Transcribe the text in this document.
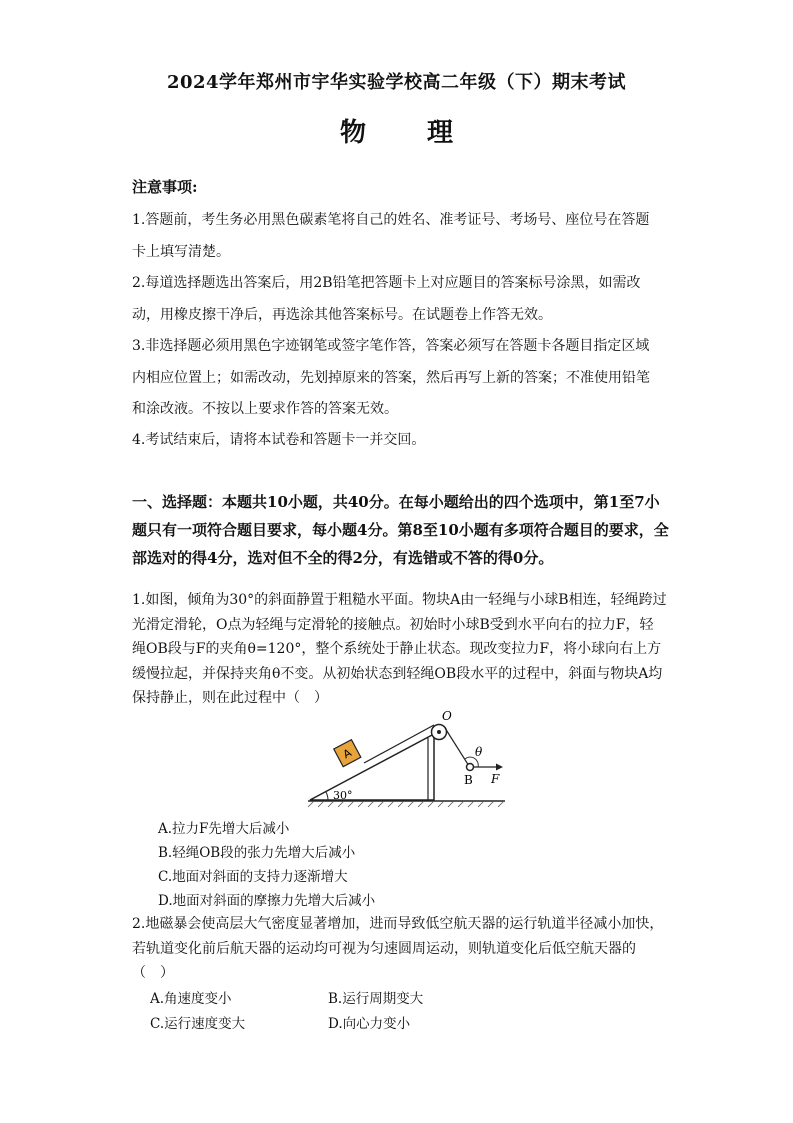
2024学年郑州市宇华实验学校高二年级（下）期末考试
物 理
注意事项:
1.答题前，考生务必用黑色碳素笔将自己的姓名、准考证号、考场号、座位号在答题卡上填写清楚。
2.每道选择题选出答案后，用2B铅笔把答题卡上对应题目的答案标号涂黑，如需改动，用橡皮擦干净后，再选涂其他答案标号。在试题卷上作答无效。
3.非选择题必须用黑色字迹钢笔或签字笔作答，答案必须写在答题卡各题目指定区域内相应位置上；如需改动，先划掉原来的答案，然后再写上新的答案；不准使用铅笔和涂改液。不按以上要求作答的答案无效。
4.考试结束后，请将本试卷和答题卡一并交回。
一、选择题：本题共10小题，共40分。在每小题给出的四个选项中，第1至7小题只有一项符合题目要求，每小题4分。第8至10小题有多项符合题目的要求，全部选对的得4分，选对但不全的得2分，有选错或不答的得0分。
1.如图，倾角为30°的斜面静置于粗糙水平面。物块A由一轻绳与小球B相连，轻绳跨过光滑定滑轮，O点为轻绳与定滑轮的接触点。初始时小球B受到水平向右的拉力F，轻绳OB段与F的夹角θ=120°，整个系统处于静止状态。现改变拉力F，将小球向右上方缓慢拉起，并保持夹角θ不变。从初始状态到轻绳OB段水平的过程中，斜面与物块A均保持静止，则在此过程中（　）
30°
O
A
B F
θ
A.拉力F先增大后减小
B.轻绳OB段的张力先增大后减小
C.地面对斜面的支持力逐渐增大
D.地面对斜面的摩擦力先增大后减小
2.地磁暴会使高层大气密度显著增加，进而导致低空航天器的运行轨道半径减小加快，若轨道变化前后航天器的运动均可视为匀速圆周运动，则轨道变化后低空航天器的（　）
A.角速度变小	B.运行周期变大
C.运行速度变大	D.向心力变小
